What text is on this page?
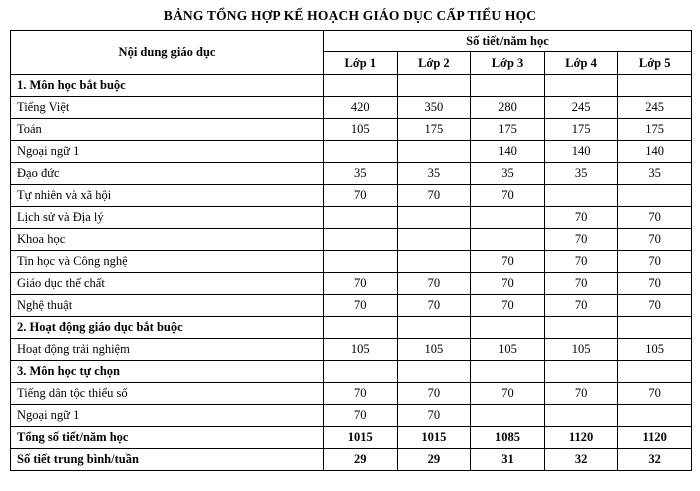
BẢNG TỔNG HỢP KẾ HOẠCH GIÁO DỤC CẤP TIỂU HỌC
Nội dung giáo dục	Số tiết/năm học				
	Lớp 1	Lớp 2	Lớp 3	Lớp 4	Lớp 5
1. Môn học bắt buộc					
Tiếng Việt	420	350	280	245	245
Toán	105	175	175	175	175
Ngoại ngữ 1			140	140	140
Đạo đức	35	35	35	35	35
Tự nhiên và xã hội	70	70	70		
Lịch sử và Địa lý				70	70
Khoa học				70	70
Tin học và Công nghệ			70	70	70
Giáo dục thể chất	70	70	70	70	70
Nghệ thuật	70	70	70	70	70
2. Hoạt động giáo dục bắt buộc					
Hoạt động trải nghiệm	105	105	105	105	105
3. Môn học tự chọn					
Tiếng dân tộc thiểu số	70	70	70	70	70
Ngoại ngữ 1	70	70			
Tổng số tiết/năm học	1015	1015	1085	1120	1120
Số tiết trung bình/tuần	29	29	31	32	32
